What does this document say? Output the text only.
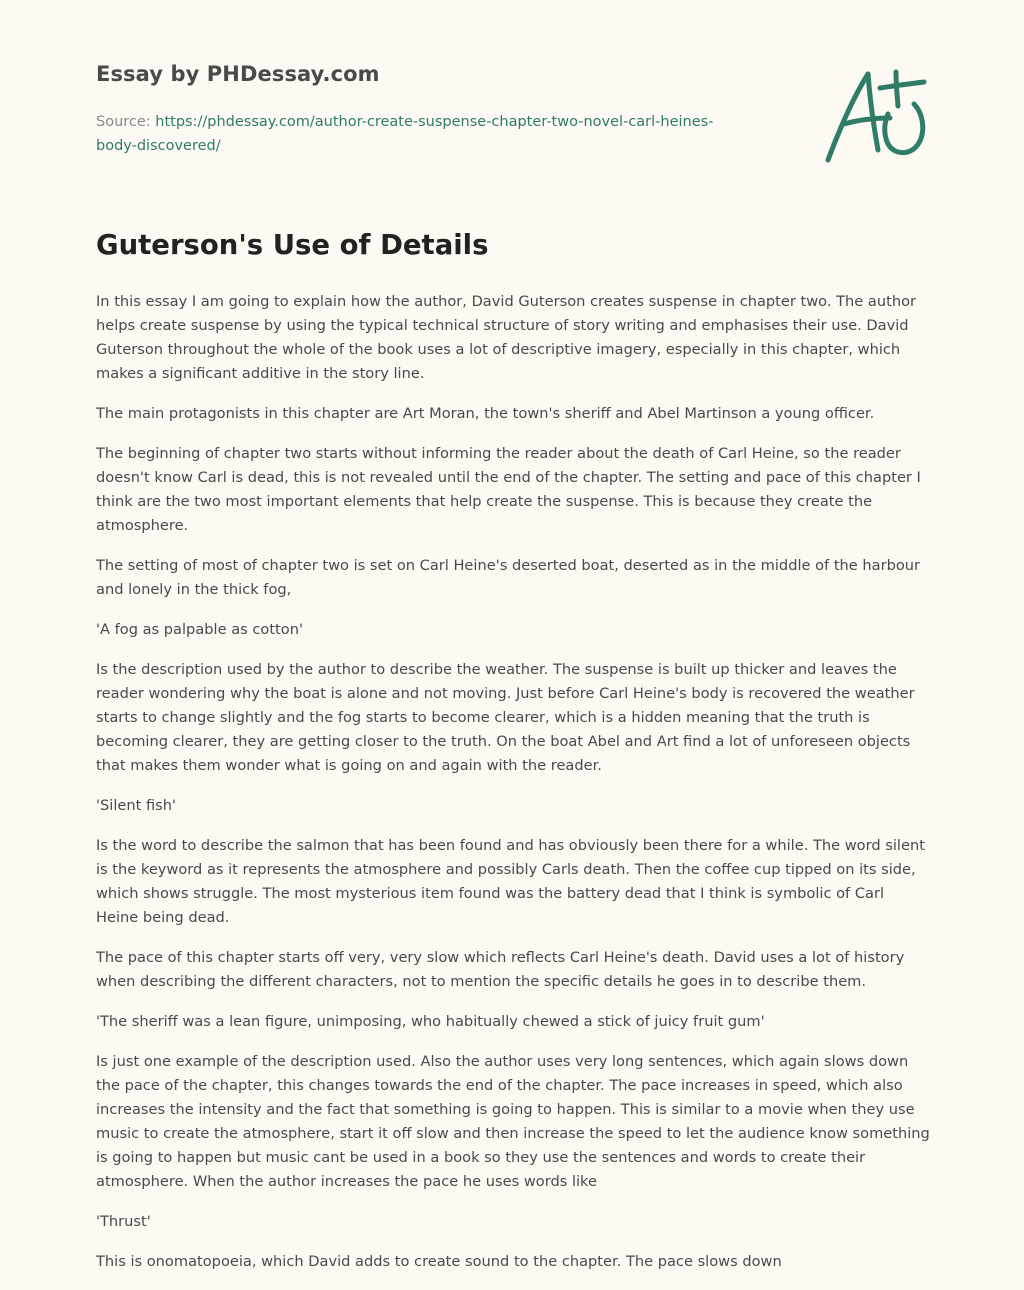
Essay by PHDessay.com
Source: https://phdessay.com/author-create-suspense-chapter-two-novel-carl-heines-
body-discovered/
Guterson's Use of Details

In this essay I am going to explain how the author, David Guterson creates suspense in chapter two. The author helps create suspense by using the typical technical structure of story writing and emphasises their use. David Guterson throughout the whole of the book uses a lot of descriptive imagery, especially in this chapter, which makes a significant additive in the story line.

The main protagonists in this chapter are Art Moran, the town's sheriff and Abel Martinson a young officer.

The beginning of chapter two starts without informing the reader about the death of Carl Heine, so the reader doesn't know Carl is dead, this is not revealed until the end of the chapter. The setting and pace of this chapter I think are the two most important elements that help create the suspense. This is because they create the atmosphere.

The setting of most of chapter two is set on Carl Heine's deserted boat, deserted as in the middle of the harbour and lonely in the thick fog,

'A fog as palpable as cotton'

Is the description used by the author to describe the weather. The suspense is built up thicker and leaves the reader wondering why the boat is alone and not moving. Just before Carl Heine's body is recovered the weather starts to change slightly and the fog starts to become clearer, which is a hidden meaning that the truth is becoming clearer, they are getting closer to the truth. On the boat Abel and Art find a lot of unforeseen objects that makes them wonder what is going on and again with the reader.

'Silent fish'

Is the word to describe the salmon that has been found and has obviously been there for a while. The word silent is the keyword as it represents the atmosphere and possibly Carls death. Then the coffee cup tipped on its side, which shows struggle. The most mysterious item found was the battery dead that I think is symbolic of Carl Heine being dead.

The pace of this chapter starts off very, very slow which reflects Carl Heine's death. David uses a lot of history when describing the different characters, not to mention the specific details he goes in to describe them.

'The sheriff was a lean figure, unimposing, who habitually chewed a stick of juicy fruit gum'

Is just one example of the description used. Also the author uses very long sentences, which again slows down the pace of the chapter, this changes towards the end of the chapter. The pace increases in speed, which also increases the intensity and the fact that something is going to happen. This is similar to a movie when they use music to create the atmosphere, start it off slow and then increase the speed to let the audience know something is going to happen but music cant be used in a book so they use the sentences and words to create their atmosphere. When the author increases the pace he uses words like

'Thrust'

This is onomatopoeia, which David adds to create sound to the chapter. The pace slows down
